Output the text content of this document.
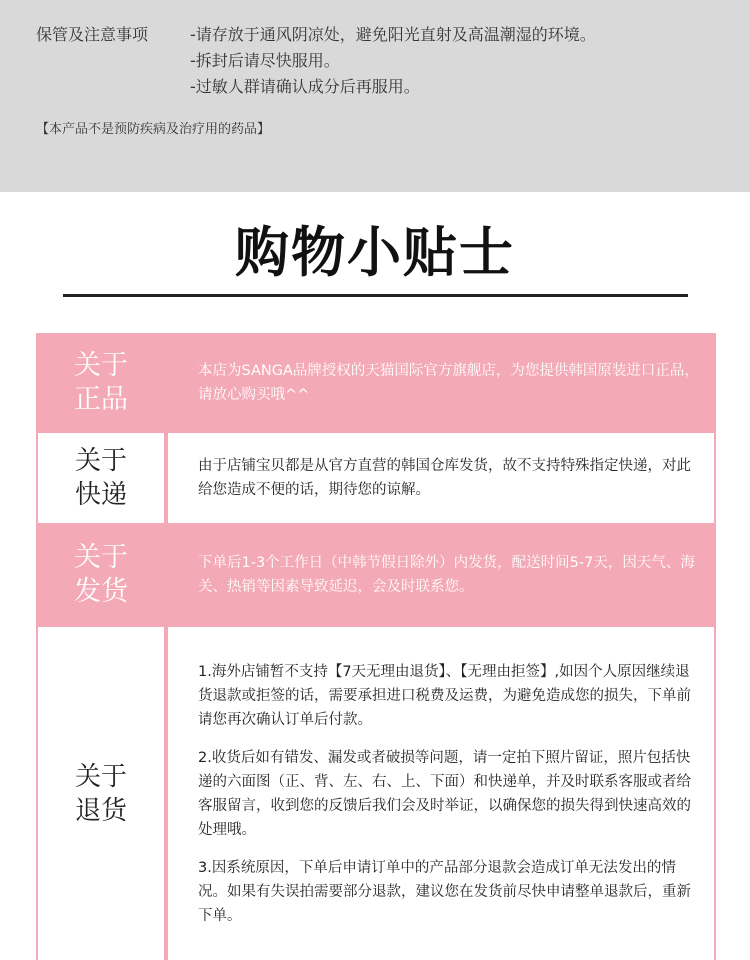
保管及注意事项	-请存放于通风阴凉处，避免阳光直射及高温潮湿的环境。
-拆封后请尽快服用。
-过敏人群请确认成分后再服用。
【本产品不是预防疾病及治疗用的药品】
购物小贴士
关于
正品

本店为SANGA品牌授权的天猫国际官方旗舰店，为您提供韩国原装进口正品，请放心购买哦^^

关于
快递

由于店铺宝贝都是从官方直营的韩国仓库发货，故不支持特殊指定快递，对此给您造成不便的话，期待您的谅解。

关于
发货

下单后1-3个工作日（中韩节假日除外）内发货，配送时间5-7天，因天气、海关、热销等因素导致延迟，会及时联系您。

关于
退货

1.海外店铺暂不支持【7天无理由退货】、【无理由拒签】,如因个人原因继续退货退款或拒签的话，需要承担进口税费及运费，为避免造成您的损失，下单前请您再次确认订单后付款。

2.收货后如有错发、漏发或者破损等问题，请一定拍下照片留证，照片包括快递的六面图（正、背、左、右、上、下面）和快递单，并及时联系客服或者给客服留言，收到您的反馈后我们会及时举证，以确保您的损失得到快速高效的处理哦。

3.因系统原因，下单后申请订单中的产品部分退款会造成订单无法发出的情况。如果有失误拍需要部分退款，建议您在发货前尽快申请整单退款后，重新下单。
